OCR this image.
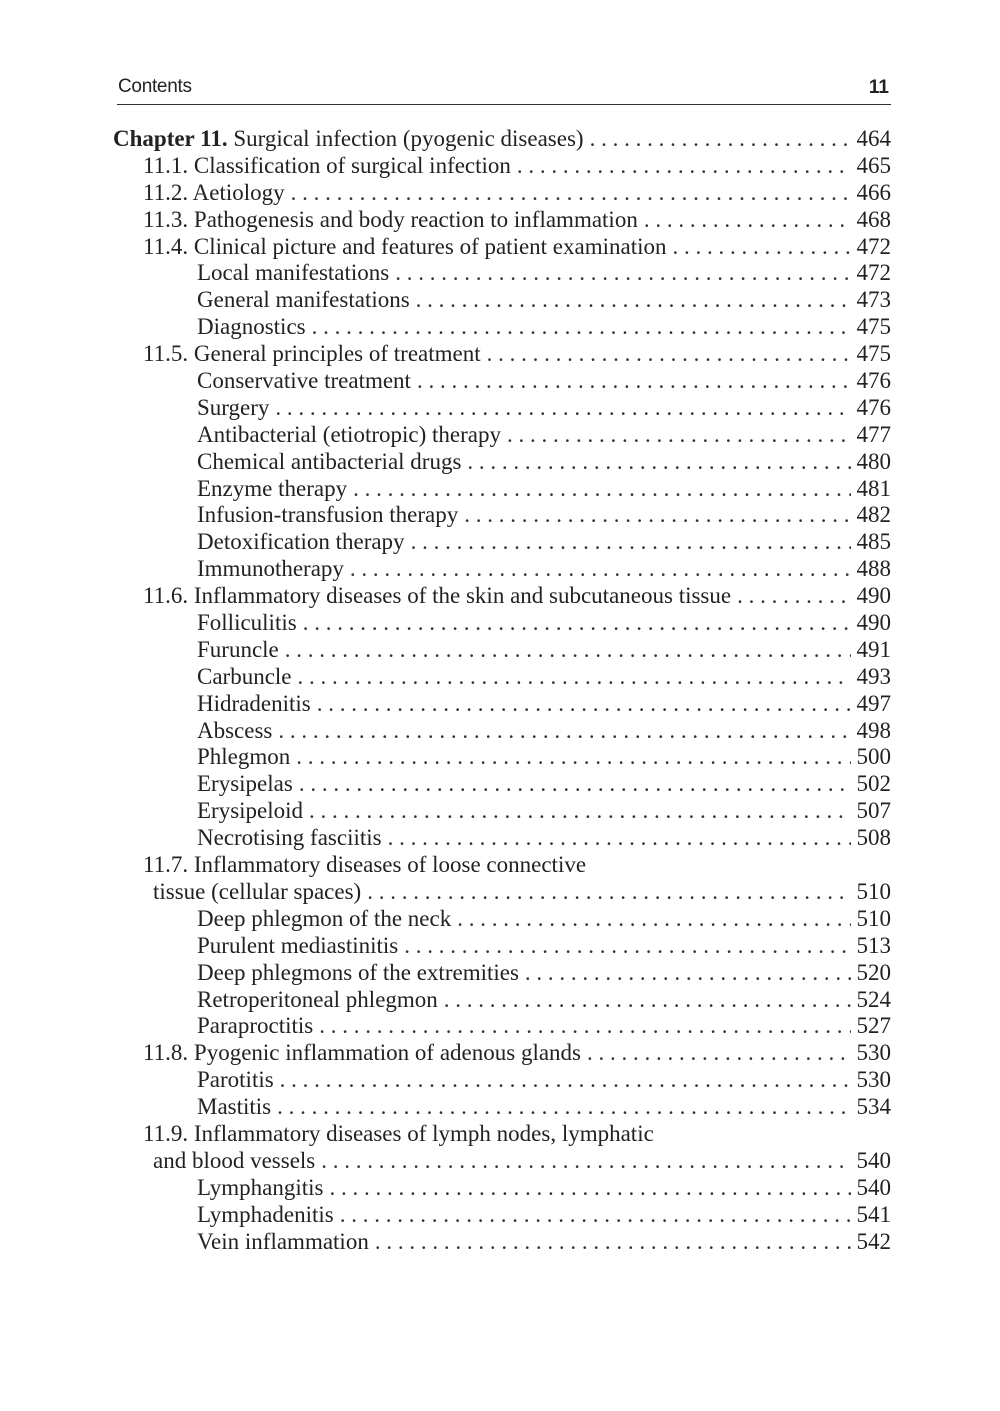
Contents	11
Chapter 11. Surgical infection (pyogenic diseases) . . .	464
11.1. Classification of surgical infection . . .	465
11.2. Aetiology . . .	466
11.3. Pathogenesis and body reaction to inflammation . . .	468
11.4. Clinical picture and features of patient examination . . .	472
Local manifestations . . .	472
General manifestations . . .	473
Diagnostics . . .	475
11.5. General principles of treatment . . .	475
Conservative treatment . . .	476
Surgery . . .	476
Antibacterial (etiotropic) therapy . . .	477
Chemical antibacterial drugs . . .	480
Enzyme therapy . . .	481
Infusion-transfusion therapy . . .	482
Detoxification therapy . . .	485
Immunotherapy . . .	488
11.6. Inflammatory diseases of the skin and subcutaneous tissue . . .	490
Folliculitis . . .	490
Furuncle . . .	491
Carbuncle . . .	493
Hidradenitis . . .	497
Abscess . . .	498
Phlegmon . . .	500
Erysipelas . . .	502
Erysipeloid . . .	507
Necrotising fasciitis . . .	508
11.7. Inflammatory diseases of loose connective
tissue (cellular spaces) . . .	510
Deep phlegmon of the neck . . .	510
Purulent mediastinitis . . .	513
Deep phlegmons of the extremities . . .	520
Retroperitoneal phlegmon . . .	524
Paraproctitis . . .	527
11.8. Pyogenic inflammation of adenous glands . . .	530
Parotitis . . .	530
Mastitis . . .	534
11.9. Inflammatory diseases of lymph nodes, lymphatic
and blood vessels . . .	540
Lymphangitis . . .	540
Lymphadenitis . . .	541
Vein inflammation . . .	542
